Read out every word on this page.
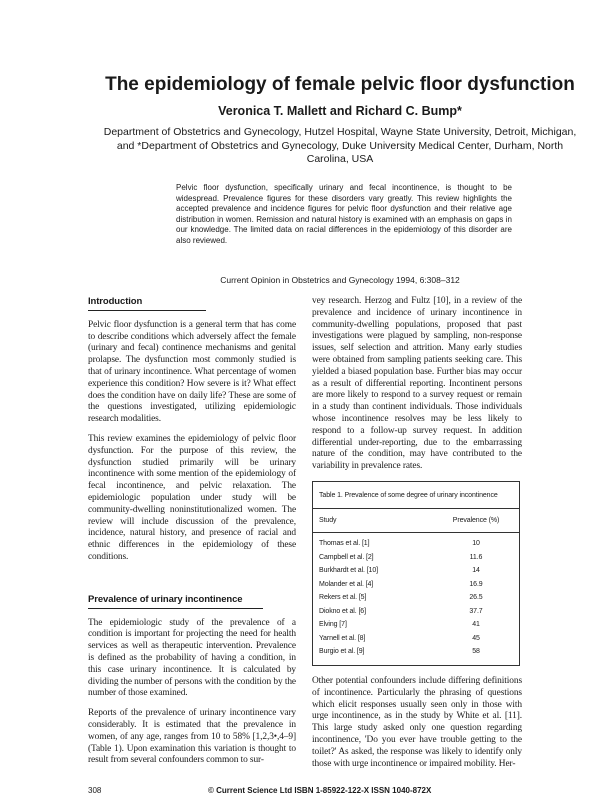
The epidemiology of female pelvic floor dysfunction
Veronica T. Mallett and Richard C. Bump*
Department of Obstetrics and Gynecology, Hutzel Hospital, Wayne State University, Detroit, Michigan, and *Department of Obstetrics and Gynecology, Duke University Medical Center, Durham, North Carolina, USA
Pelvic floor dysfunction, specifically urinary and fecal incontinence, is thought to be widespread. Prevalence figures for these disorders vary greatly. This review highlights the accepted prevalence and incidence figures for pelvic floor dysfunction and their relative age distribution in women. Remission and natural history is examined with an emphasis on gaps in our knowledge. The limited data on racial differences in the epidemiology of this disorder are also reviewed.
Current Opinion in Obstetrics and Gynecology 1994, 6:308–312
Introduction

Pelvic floor dysfunction is a general term that has come to describe conditions which adversely affect the female (urinary and fecal) continence mechanisms and genital prolapse. The dysfunction most commonly studied is that of urinary incontinence. What percentage of women experience this condition? How severe is it? What effect does the condition have on daily life? These are some of the questions investigated, utilizing epidemiologic research modalities.

This review examines the epidemiology of pelvic floor dysfunction. For the purpose of this review, the dysfunction studied primarily will be urinary incontinence with some mention of the epidemiology of fecal incontinence, and pelvic relaxation. The epidemiologic population under study will be community-dwelling noninstitutionalized women. The review will include discussion of the prevalence, incidence, natural history, and presence of racial and ethnic differences in the epidemiology of these conditions.

Prevalence of urinary incontinence

The epidemiologic study of the prevalence of a condition is important for projecting the need for health services as well as therapeutic intervention. Prevalence is defined as the probability of having a condition, in this case urinary incontinence. It is calculated by dividing the number of persons with the condition by the number of those examined.

Reports of the prevalence of urinary incontinence vary considerably. It is estimated that the prevalence in women, of any age, ranges from 10 to 58% [1,2,3•,4–9] (Table 1). Upon examination this variation is thought to result from several confounders common to sur-

vey research. Herzog and Fultz [10], in a review of the prevalence and incidence of urinary incontinence in community-dwelling populations, proposed that past investigations were plagued by sampling, non-response issues, self selection and attrition. Many early studies were obtained from sampling patients seeking care. This yielded a biased population base. Further bias may occur as a result of differential reporting. Incontinent persons are more likely to respond to a survey request or remain in a study than continent individuals. Those individuals whose incontinence resolves may be less likely to respond to a follow-up survey request. In addition differential under-reporting, due to the embarrassing nature of the condition, may have contributed to the variability in prevalence rates.

Table 1. Prevalence of some degree of urinary incontinence
Study	Prevalence (%)
Thomas et al. [1]	10
Campbell et al. [2]	11.6
Burkhardt et al. [10]	14
Molander et al. [4]	16.9
Rekers et al. [5]	26.5
Diokno et al. [6]	37.7
Elving [7]	41
Yarnell et al. [8]	45
Burgio et al. [9]	58

Other potential confounders include differing definitions of incontinence. Particularly the phrasing of questions which elicit responses usually seen only in those with urge incontinence, as in the study by White et al. [11]. This large study asked only one question regarding incontinence, 'Do you ever have trouble getting to the toilet?' As asked, the response was likely to identify only those with urge incontinence or impaired mobility. Her-

308	© Current Science Ltd ISBN 1-85922-122-X ISSN 1040-872X
